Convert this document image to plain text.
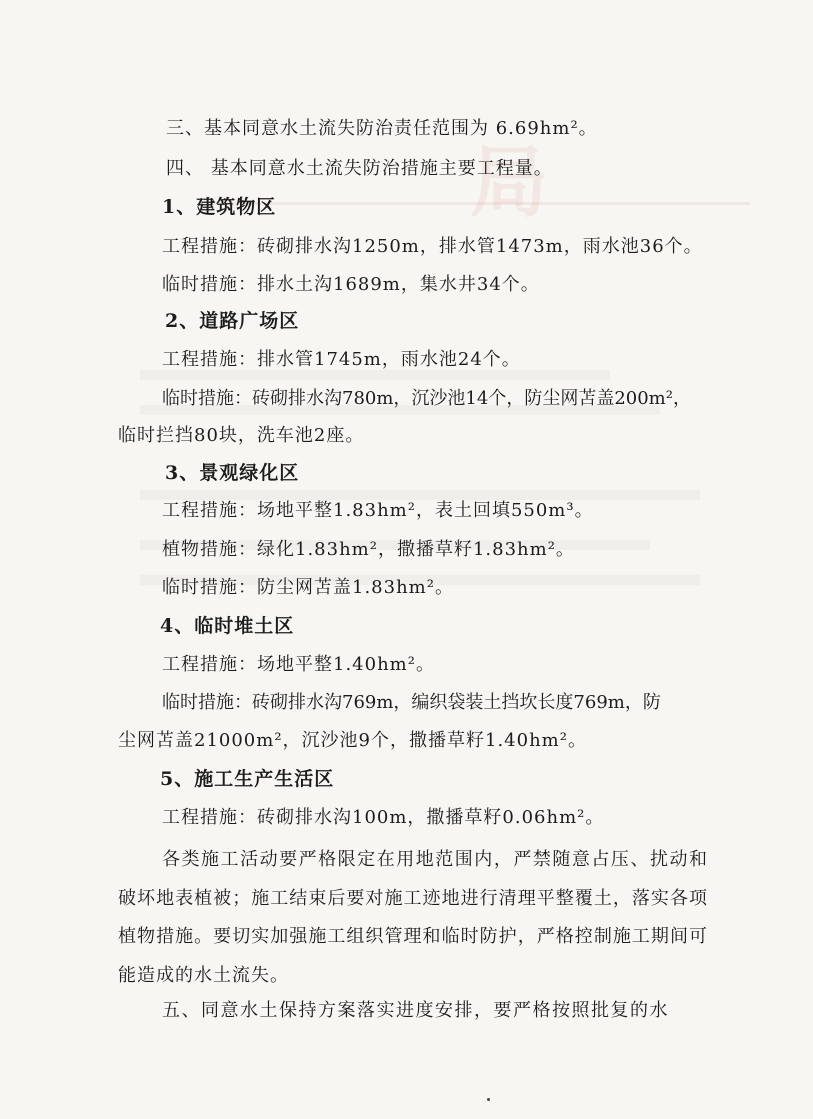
局
三、基本同意水土流失防治责任范围为 6.69hm²。
四、 基本同意水土流失防治措施主要工程量。
1、建筑物区
工程措施：砖砌排水沟1250m，排水管1473m，雨水池36个。
临时措施：排水土沟1689m，集水井34个。
2、道路广场区
工程措施：排水管1745m，雨水池24个。
临时措施：砖砌排水沟780m，沉沙池14个，防尘网苫盖200m²，
临时拦挡80块，洗车池2座。
3、景观绿化区
工程措施：场地平整1.83hm²，表土回填550m³。
植物措施：绿化1.83hm²，撒播草籽1.83hm²。
临时措施：防尘网苫盖1.83hm²。
4、临时堆土区
工程措施：场地平整1.40hm²。
临时措施：砖砌排水沟769m，编织袋装土挡坎长度769m，防
尘网苫盖21000m²，沉沙池9个，撒播草籽1.40hm²。
5、施工生产生活区
工程措施：砖砌排水沟100m，撒播草籽0.06hm²。
各类施工活动要严格限定在用地范围内，严禁随意占压、扰动和破坏地表植被；施工结束后要对施工迹地进行清理平整覆土，落实各项植物措施。要切实加强施工组织管理和临时防护，严格控制施工期间可能造成的水土流失。
五、同意水土保持方案落实进度安排，要严格按照批复的水
